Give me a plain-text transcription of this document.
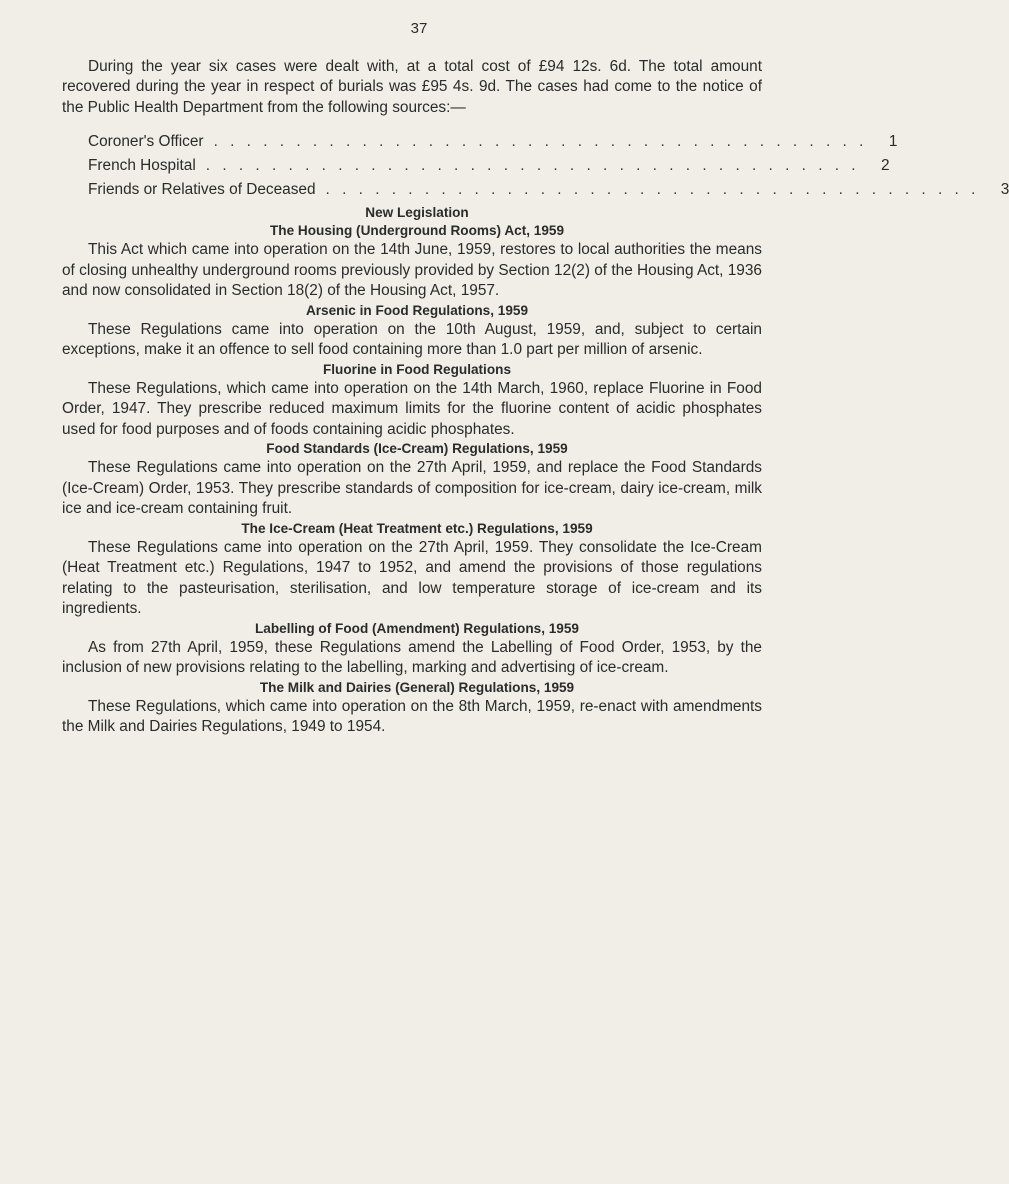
37

During the year six cases were dealt with, at a total cost of £94 12s. 6d. The total amount recovered during the year in respect of burials was £95 4s. 9d. The cases had come to the notice of the Public Health Department from the following sources:—

Coroner's Officer . . . . . . . . . . . . . . . . . . . . . . . . . . . . . . . . . . . . . . . .	1
French Hospital . . . . . . . . . . . . . . . . . . . . . . . . . . . . . . . . . . . . . . . .	2
Friends or Relatives of Deceased . . . . . . . . . . . . . . . . . . . . . . . . . . . . . . . . . . . . . . . .	3
New Legislation
The Housing (Underground Rooms) Act, 1959

This Act which came into operation on the 14th June, 1959, restores to local authorities the means of closing unhealthy underground rooms previously provided by Section 12(2) of the Housing Act, 1936 and now consolidated in Section 18(2) of the Housing Act, 1957.

Arsenic in Food Regulations, 1959

These Regulations came into operation on the 10th August, 1959, and, subject to certain exceptions, make it an offence to sell food containing more than 1.0 part per million of arsenic.

Fluorine in Food Regulations

These Regulations, which came into operation on the 14th March, 1960, replace Fluorine in Food Order, 1947. They prescribe reduced maximum limits for the fluorine content of acidic phosphates used for food purposes and of foods containing acidic phosphates.

Food Standards (Ice-Cream) Regulations, 1959

These Regulations came into operation on the 27th April, 1959, and replace the Food Standards (Ice-Cream) Order, 1953. They prescribe standards of composition for ice-cream, dairy ice-cream, milk ice and ice-cream containing fruit.

The Ice-Cream (Heat Treatment etc.) Regulations, 1959

These Regulations came into operation on the 27th April, 1959. They consolidate the Ice-Cream (Heat Treatment etc.) Regulations, 1947 to 1952, and amend the provisions of those regulations relating to the pasteurisation, sterilisation, and low temperature storage of ice-cream and its ingredients.

Labelling of Food (Amendment) Regulations, 1959

As from 27th April, 1959, these Regulations amend the Labelling of Food Order, 1953, by the inclusion of new provisions relating to the labelling, marking and advertising of ice-cream.

The Milk and Dairies (General) Regulations, 1959

These Regulations, which came into operation on the 8th March, 1959, re-enact with amendments the Milk and Dairies Regulations, 1949 to 1954.
